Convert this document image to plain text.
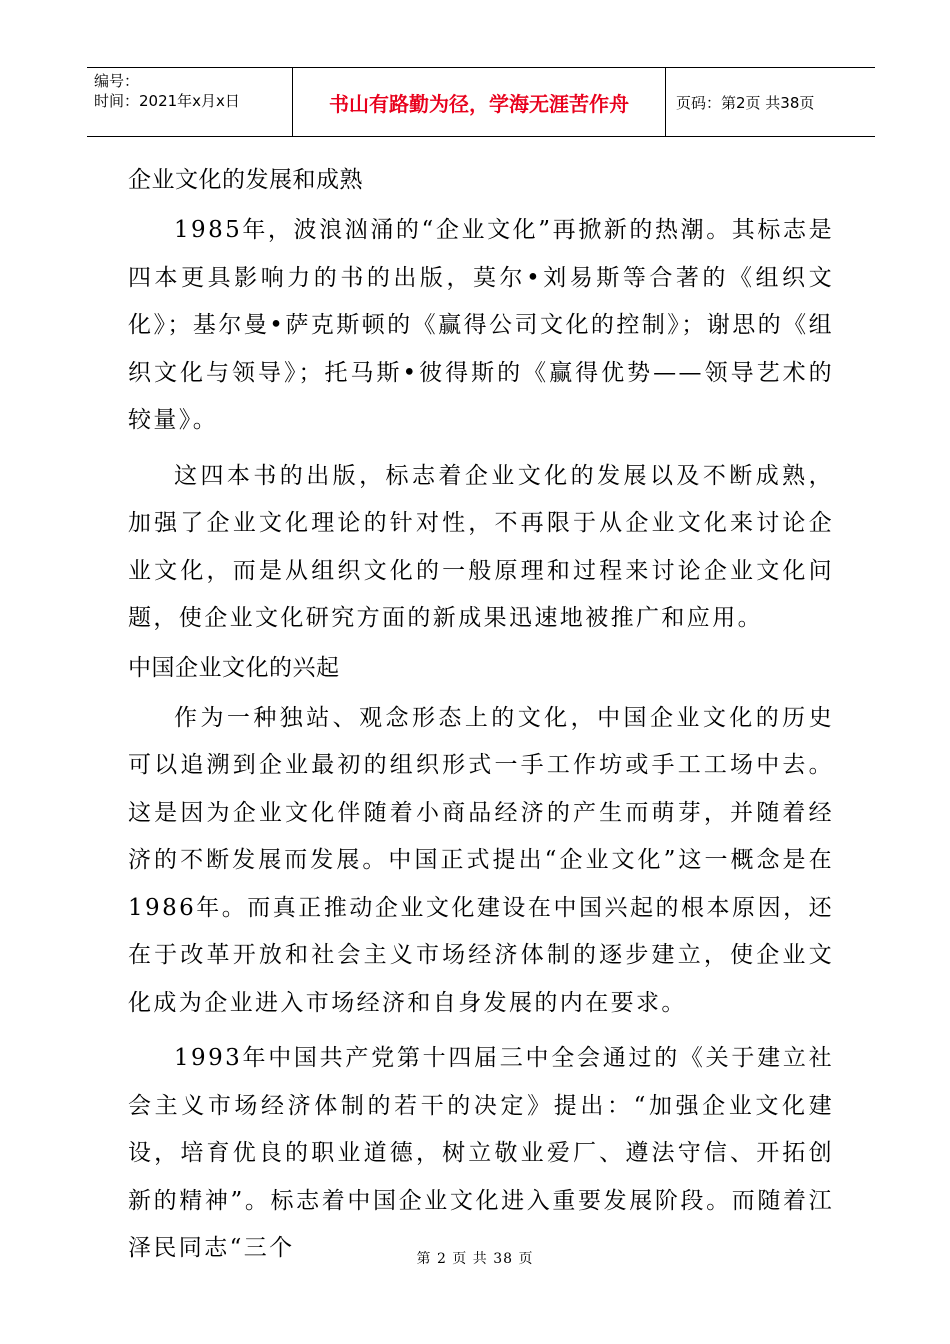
编号：
时间：2021年x月x日	书山有路勤为径，学海无涯苦作舟	页码：第2页 共38页
企业文化的发展和成熟

1985年，波浪汹涌的“企业文化”再掀新的热潮。其标志是四本更具影响力的书的出版，莫尔•刘易斯等合著的《组织文化》；基尔曼•萨克斯顿的《赢得公司文化的控制》；谢思的《组织文化与领导》；托马斯•彼得斯的《赢得优势——领导艺术的较量》。

这四本书的出版，标志着企业文化的发展以及不断成熟，加强了企业文化理论的针对性，不再限于从企业文化来讨论企业文化，而是从组织文化的一般原理和过程来讨论企业文化问题，使企业文化研究方面的新成果迅速地被推广和应用。

中国企业文化的兴起

作为一种独站、观念形态上的文化，中国企业文化的历史可以追溯到企业最初的组织形式一手工作坊或手工工场中去。这是因为企业文化伴随着小商品经济的产生而萌芽，并随着经济的不断发展而发展。中国正式提出“企业文化”这一概念是在1986年。而真正推动企业文化建设在中国兴起的根本原因，还在于改革开放和社会主义市场经济体制的逐步建立，使企业文化成为企业进入市场经济和自身发展的内在要求。

1993年中国共产党第十四届三中全会通过的《关于建立社会主义市场经济体制的若干的决定》提出：“加强企业文化建设，培育优良的职业道德，树立敬业爱厂、遵法守信、开拓创新的精神”。标志着中国企业文化进入重要发展阶段。而随着江泽民同志“三个	第 2 页 共 38 页
